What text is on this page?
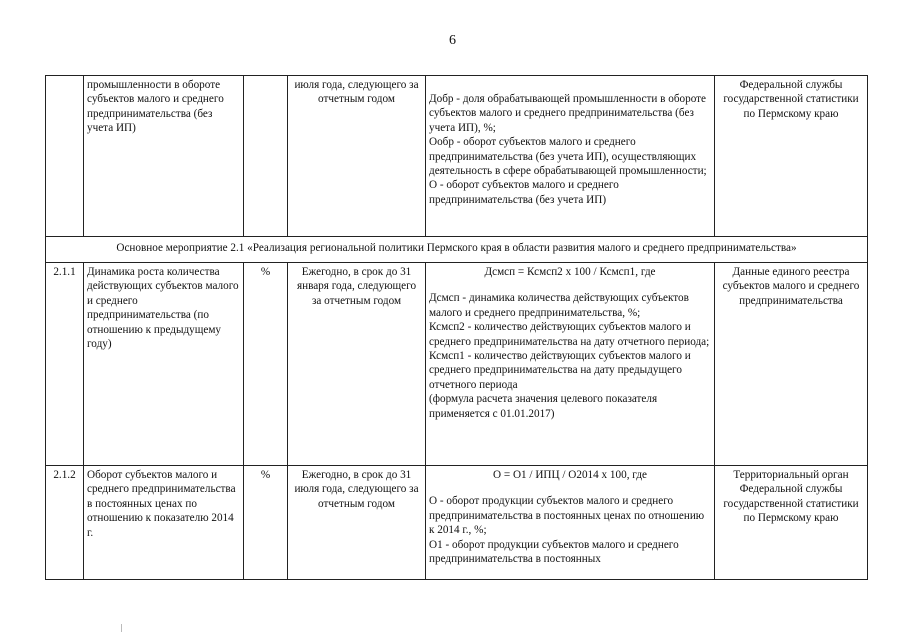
6
	промышленности в обороте субъектов малого и среднего предпринимательства (без учета ИП)		июля года, следующего за отчетным годом	Добр - доля обрабатывающей промышленности в обороте субъектов малого и среднего предпринимательства (без учета ИП), %;
Ообр - оборот субъектов малого и среднего предпринимательства (без учета ИП), осуществляющих деятельность в сфере обрабатывающей промышленности;
О - оборот субъектов малого и среднего предпринимательства (без учета ИП)	Федеральной службы государственной статистики по Пермскому краю

Основное мероприятие 2.1 «Реализация региональной политики Пермского края в области развития малого и среднего предпринимательства»					

2.1.1	Динамика роста количества действующих субъектов малого и среднего предпринимательства (по отношению к предыдущему году)	%	Ежегодно, в срок до 31 января года, следующего за отчетным годом	Дсмсп = Ксмсп2 x 100 / Ксмсп1, где
Дсмсп - динамика количества действующих субъектов малого и среднего предпринимательства, %;
Ксмсп2 - количество действующих субъектов малого и среднего предпринимательства на дату отчетного периода;
Ксмсп1 - количество действующих субъектов малого и среднего предпринимательства на дату предыдущего отчетного периода
(формула расчета значения целевого показателя применяется с 01.01.2017)	Данные единого реестра субъектов малого и среднего предпринимательства
2.1.2	Оборот субъектов малого и среднего предпринимательства в постоянных ценах по отношению к показателю 2014 г.	%	Ежегодно, в срок до 31 июля года, следующего за отчетным годом	О = О1 / ИПЦ / О2014 x 100, где
О - оборот продукции субъектов малого и среднего предпринимательства в постоянных ценах по отношению к 2014 г., %;
О1 - оборот продукции субъектов малого и среднего предпринимательства в постоянных	Территориальный орган Федеральной службы государственной статистики по Пермскому краю
